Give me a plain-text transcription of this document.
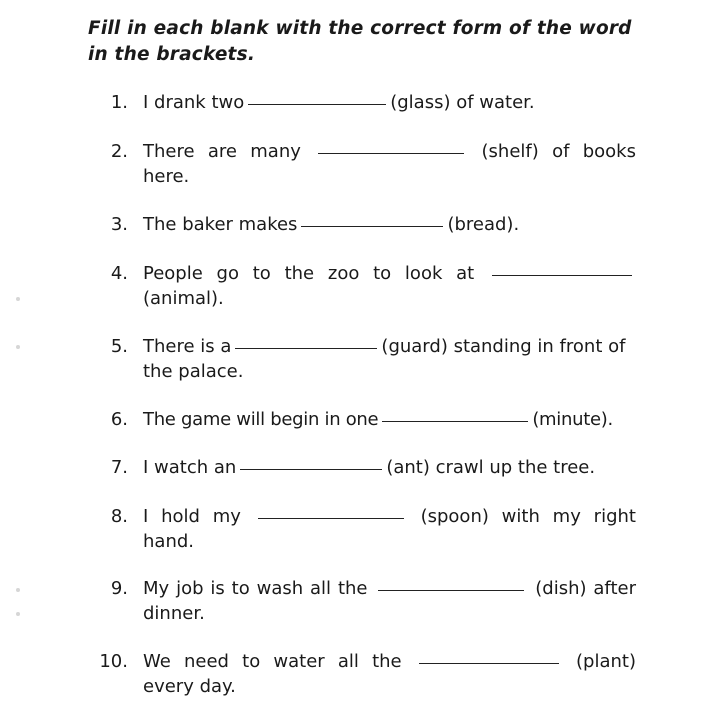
Fill in each blank with the correct form of the word in the brackets.
1. I drank two	(glass) of water.
2. There are many	(shelf) of books here.
3. The baker makes	(bread).
4. People go to the zoo to look at  (animal).
5. There is a	(guard) standing in front of the palace.
6. The game will begin in one	(minute).
7. I watch an	(ant) crawl up the tree.
8. I hold my	(spoon) with my right hand.
9. My job is to wash all the	(dish) after dinner.
10. We need to water all the	(plant) every day.
